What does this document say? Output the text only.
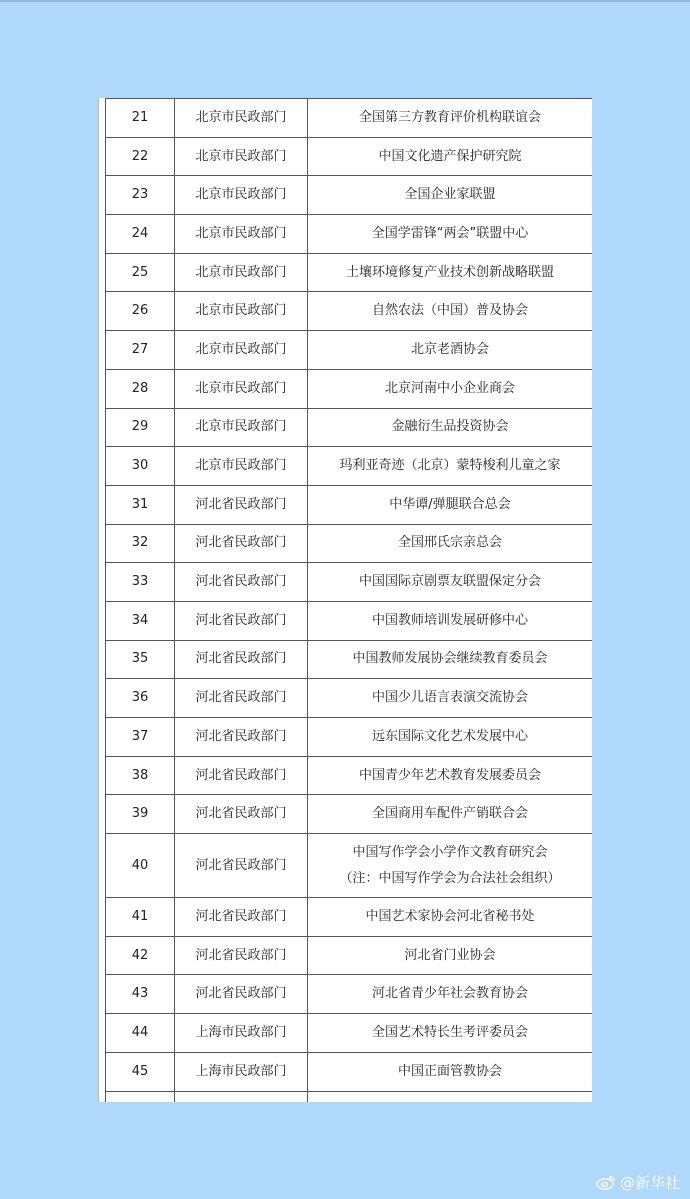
21	北京市民政部门	全国第三方教育评价机构联谊会
22	北京市民政部门	中国文化遗产保护研究院
23	北京市民政部门	全国企业家联盟
24	北京市民政部门	全国学雷锋“两会”联盟中心
25	北京市民政部门	土壤环境修复产业技术创新战略联盟
26	北京市民政部门	自然农法（中国）普及协会
27	北京市民政部门	北京老酒协会
28	北京市民政部门	北京河南中小企业商会
29	北京市民政部门	金融衍生品投资协会
30	北京市民政部门	玛利亚奇迹（北京）蒙特梭利儿童之家
31	河北省民政部门	中华谭/弹腿联合总会
32	河北省民政部门	全国邢氏宗亲总会
33	河北省民政部门	中国国际京剧票友联盟保定分会
34	河北省民政部门	中国教师培训发展研修中心
35	河北省民政部门	中国教师发展协会继续教育委员会
36	河北省民政部门	中国少儿语言表演交流协会
37	河北省民政部门	远东国际文化艺术发展中心
38	河北省民政部门	中国青少年艺术教育发展委员会
39	河北省民政部门	全国商用车配件产销联合会
40	河北省民政部门	中国写作学会小学作文教育研究会
（注：中国写作学会为合法社会组织）

41	河北省民政部门	中国艺术家协会河北省秘书处
42	河北省民政部门	河北省门业协会
43	河北省民政部门	河北省青少年社会教育协会
44	上海市民政部门	全国艺术特长生考评委员会
45	上海市民政部门	中国正面管教协会

@新华社
